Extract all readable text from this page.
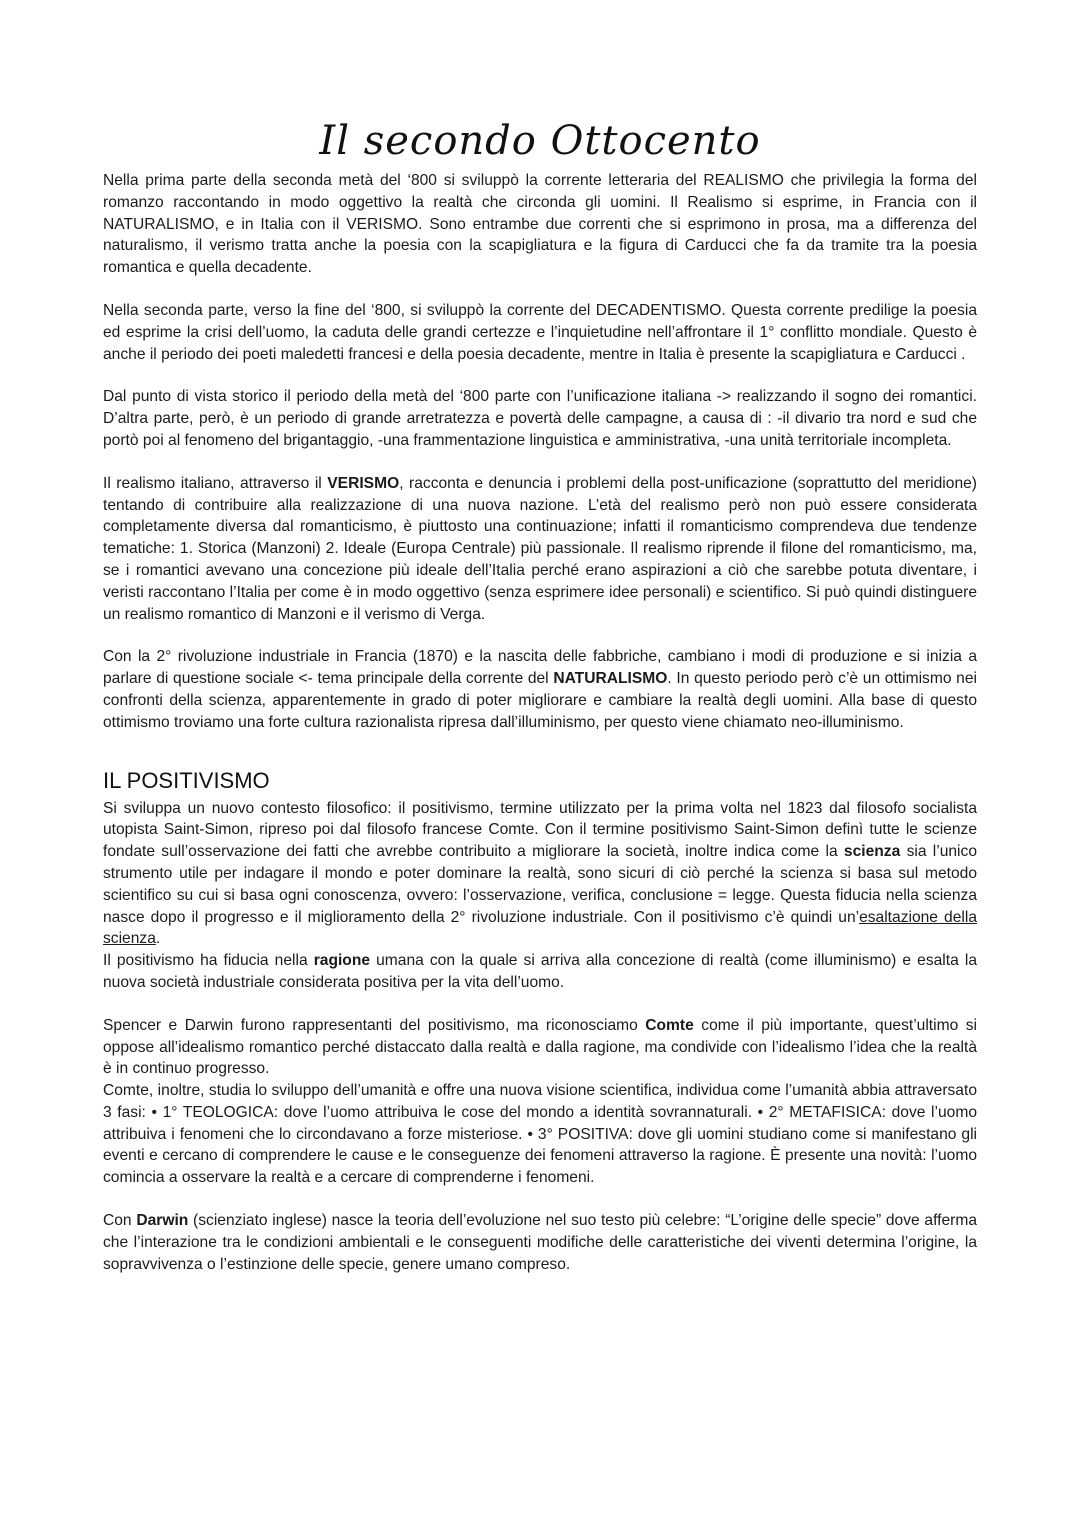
Il secondo Ottocento

Nella prima parte della seconda metà del ‘800 si sviluppò la corrente letteraria del REALISMO che privilegia la forma del romanzo raccontando in modo oggettivo la realtà che circonda gli uomini. Il Realismo si esprime, in Francia con il NATURALISMO, e in Italia con il VERISMO. Sono entrambe due correnti che si esprimono in prosa, ma a differenza del naturalismo, il verismo tratta anche la poesia con la scapigliatura e la figura di Carducci che fa da tramite tra la poesia romantica e quella decadente.

Nella seconda parte, verso la fine del ‘800, si sviluppò la corrente del DECADENTISMO. Questa corrente predilige la poesia ed esprime la crisi dell’uomo, la caduta delle grandi certezze e l’inquietudine nell’affrontare il 1° conflitto mondiale. Questo è anche il periodo dei poeti maledetti francesi e della poesia decadente, mentre in Italia è presente la scapigliatura e Carducci .

Dal punto di vista storico il periodo della metà del ‘800 parte con l’unificazione italiana -> realizzando il sogno dei romantici. D’altra parte, però, è un periodo di grande arretratezza e povertà delle campagne, a causa di : -il divario tra nord e sud che portò poi al fenomeno del brigantaggio, -una frammentazione linguistica e amministrativa, -una unità territoriale incompleta.

Il realismo italiano, attraverso il VERISMO, racconta e denuncia i problemi della post-unificazione (soprattutto del meridione) tentando di contribuire alla realizzazione di una nuova nazione. L’età del realismo però non può essere considerata completamente diversa dal romanticismo, è piuttosto una continuazione; infatti il romanticismo comprendeva due tendenze tematiche: 1. Storica (Manzoni) 2. Ideale (Europa Centrale) più passionale. Il realismo riprende il filone del romanticismo, ma, se i romantici avevano una concezione più ideale dell’Italia perché erano aspirazioni a ciò che sarebbe potuta diventare, i veristi raccontano l’Italia per come è in modo oggettivo (senza esprimere idee personali) e scientifico. Si può quindi distinguere un realismo romantico di Manzoni e il verismo di Verga.

Con la 2° rivoluzione industriale in Francia (1870) e la nascita delle fabbriche, cambiano i modi di produzione e si inizia a parlare di questione sociale <- tema principale della corrente del NATURALISMO. In questo periodo però c’è un ottimismo nei confronti della scienza, apparentemente in grado di poter migliorare e cambiare la realtà degli uomini. Alla base di questo ottimismo troviamo una forte cultura razionalista ripresa dall’illuminismo, per questo viene chiamato neo-illuminismo.

IL POSITIVISMO

Si sviluppa un nuovo contesto filosofico: il positivismo, termine utilizzato per la prima volta nel 1823 dal filosofo socialista utopista Saint-Simon, ripreso poi dal filosofo francese Comte. Con il termine positivismo Saint-Simon definì tutte le scienze fondate sull’osservazione dei fatti che avrebbe contribuito a migliorare la società, inoltre indica come la scienza sia l’unico strumento utile per indagare il mondo e poter dominare la realtà, sono sicuri di ciò perché la scienza si basa sul metodo scientifico su cui si basa ogni conoscenza, ovvero: l’osservazione, verifica, conclusione = legge. Questa fiducia nella scienza nasce dopo il progresso e il miglioramento della 2° rivoluzione industriale. Con il positivismo c’è quindi un’esaltazione della scienza.

Il positivismo ha fiducia nella ragione umana con la quale si arriva alla concezione di realtà (come illuminismo) e esalta la nuova società industriale considerata positiva per la vita dell’uomo.

Spencer e Darwin furono rappresentanti del positivismo, ma riconosciamo Comte come il più importante, quest’ultimo si oppose all’idealismo romantico perché distaccato dalla realtà e dalla ragione, ma condivide con l’idealismo l’idea che la realtà è in continuo progresso.

Comte, inoltre, studia lo sviluppo dell’umanità e offre una nuova visione scientifica, individua come l’umanità abbia attraversato 3 fasi: • 1° TEOLOGICA: dove l’uomo attribuiva le cose del mondo a identità sovrannaturali. • 2° METAFISICA: dove l’uomo attribuiva i fenomeni che lo circondavano a forze misteriose. • 3° POSITIVA: dove gli uomini studiano come si manifestano gli eventi e cercano di comprendere le cause e le conseguenze dei fenomeni attraverso la ragione. È presente una novità: l’uomo comincia a osservare la realtà e a cercare di comprenderne i fenomeni.

Con Darwin (scienziato inglese) nasce la teoria dell’evoluzione nel suo testo più celebre: “L’origine delle specie” dove afferma che l’interazione tra le condizioni ambientali e le conseguenti modifiche delle caratteristiche dei viventi determina l’origine, la sopravvivenza o l’estinzione delle specie, genere umano compreso.
